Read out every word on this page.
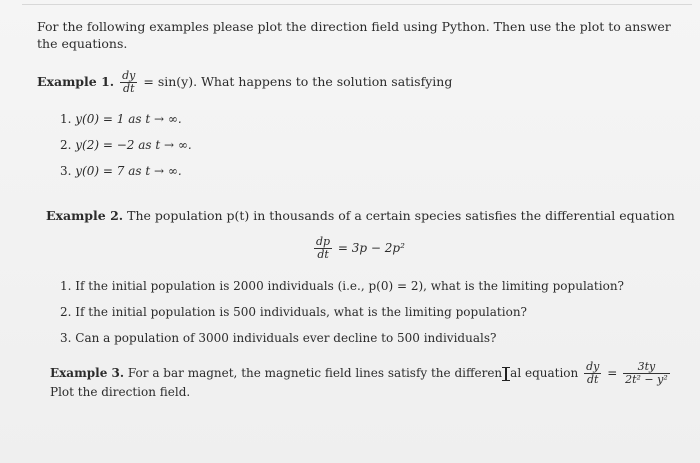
For the following examples please plot the direction field using Python. Then use the plot to answer the equations.
Example 1. $\frac{dy}{dt} = \sin(y)$. What happens to the solution satisfying
1. y(0) = 1 as t → ∞.
2. y(2) = −2 as t → ∞.
3. y(0) = 7 as t → ∞.
Example 2. The population p(t) in thousands of a certain species satisfies the differential equation
$\frac{dp}{dt} = 3p - 2p^2$
1. If the initial population is 2000 individuals (i.e., p(0) = 2), what is the limiting population?
2. If the initial population is 500 individuals, what is the limiting population?
3. Can a population of 3000 individuals ever decline to 500 individuals?
Example 3. For a bar magnet, the magnetic field lines satisfy the differen al equation $\frac{dy}{dt} = \frac{3ty}{\text{2t² − y²}}$
Plot the direction field.
